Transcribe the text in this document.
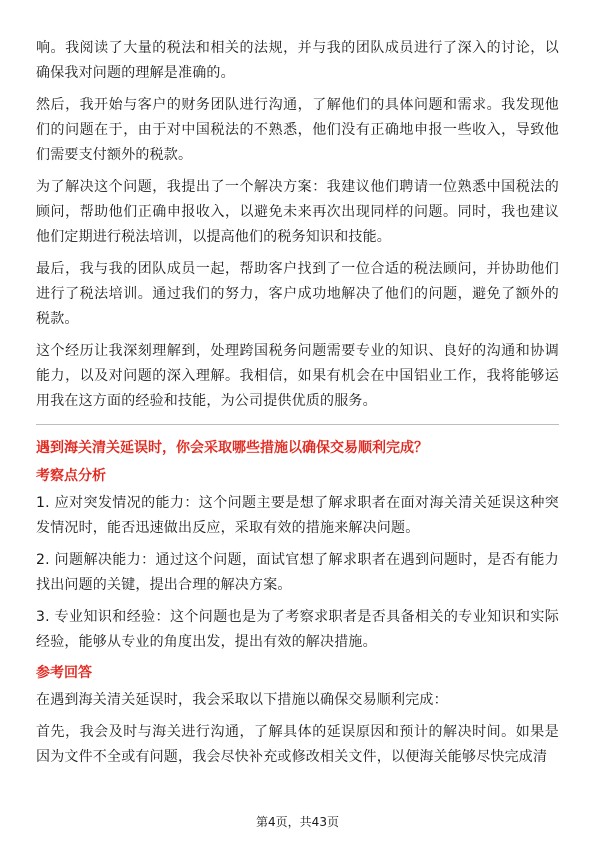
响。我阅读了大量的税法和相关的法规，并与我的团队成员进行了深入的讨论，以确保我对问题的理解是准确的。

然后，我开始与客户的财务团队进行沟通，了解他们的具体问题和需求。我发现他们的问题在于，由于对中国税法的不熟悉，他们没有正确地申报一些收入，导致他们需要支付额外的税款。

为了解决这个问题，我提出了一个解决方案：我建议他们聘请一位熟悉中国税法的顾问，帮助他们正确申报收入，以避免未来再次出现同样的问题。同时，我也建议他们定期进行税法培训，以提高他们的税务知识和技能。

最后，我与我的团队成员一起，帮助客户找到了一位合适的税法顾问，并协助他们进行了税法培训。通过我们的努力，客户成功地解决了他们的问题，避免了额外的税款。

这个经历让我深刻理解到，处理跨国税务问题需要专业的知识、良好的沟通和协调能力，以及对问题的深入理解。我相信，如果有机会在中国铝业工作，我将能够运用我在这方面的经验和技能，为公司提供优质的服务。

遇到海关清关延误时，你会采取哪些措施以确保交易顺利完成？
考察点分析

1. 应对突发情况的能力：这个问题主要是想了解求职者在面对海关清关延误这种突发情况时，能否迅速做出反应，采取有效的措施来解决问题。

2. 问题解决能力：通过这个问题，面试官想了解求职者在遇到问题时，是否有能力找出问题的关键，提出合理的解决方案。

3. 专业知识和经验：这个问题也是为了考察求职者是否具备相关的专业知识和实际经验，能够从专业的角度出发，提出有效的解决措施。

参考回答

在遇到海关清关延误时，我会采取以下措施以确保交易顺利完成：

首先，我会及时与海关进行沟通，了解具体的延误原因和预计的解决时间。如果是因为文件不全或有问题，我会尽快补充或修改相关文件，以便海关能够尽快完成清

第4页，共43页
